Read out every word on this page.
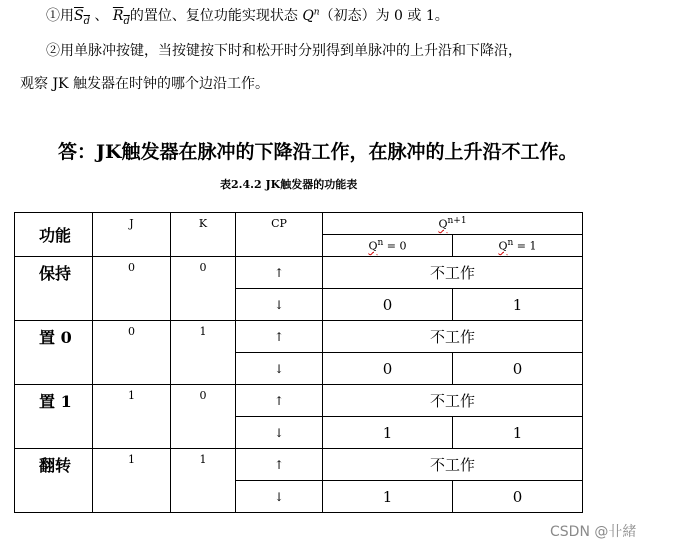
①用$S_d$ 、 $R_d$的置位、复位功能实现状态 $Q^n$（初态）为 0 或 1。
②用单脉冲按键，当按键按下时和松开时分别得到单脉冲的上升沿和下降沿，
观察 JK 触发器在时钟的哪个边沿工作。
答：JK触发器在脉冲的下降沿工作，在脉冲的上升沿不工作。
表2.4.2 JK触发器的功能表
功能	J	K	CP	$Q^{n+1}$
				$Q^n = 0$	$Q^n = 1$
保持	0	0	↑	不工作	
			↓	0	1
置 0	0	1	↑	不工作	
			↓	0	0
置 1	1	0	↑	不工作	
			↓	1	1
翻转	1	1	↑	不工作	
			↓	1	0
CSDN @卝緒
